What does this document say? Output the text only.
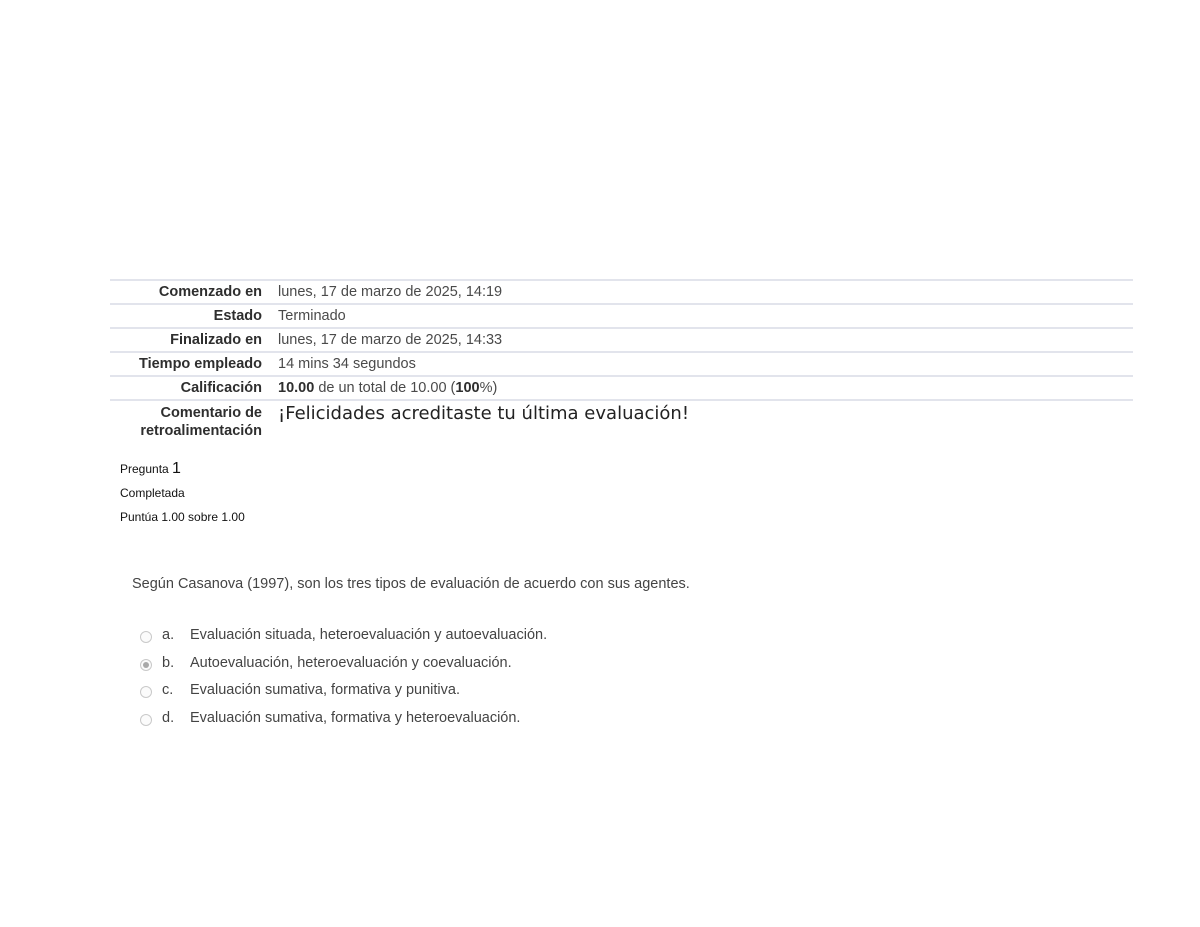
Comenzado en	lunes, 17 de marzo de 2025, 14:19
Estado	Terminado
Finalizado en	lunes, 17 de marzo de 2025, 14:33
Tiempo empleado	14 mins 34 segundos
Calificación	10.00 de un total de 10.00 (100%)
Comentario de
retroalimentación	¡Felicidades acreditaste tu última evaluación!
Pregunta 1
Completada
Puntúa 1.00 sobre 1.00
Según Casanova (1997), son los tres tipos de evaluación de acuerdo con sus agentes.
a.	Evaluación situada, heteroevaluación y autoevaluación.
b.	Autoevaluación, heteroevaluación y coevaluación.
c.	Evaluación sumativa, formativa y punitiva.
d.	Evaluación sumativa, formativa y heteroevaluación.
